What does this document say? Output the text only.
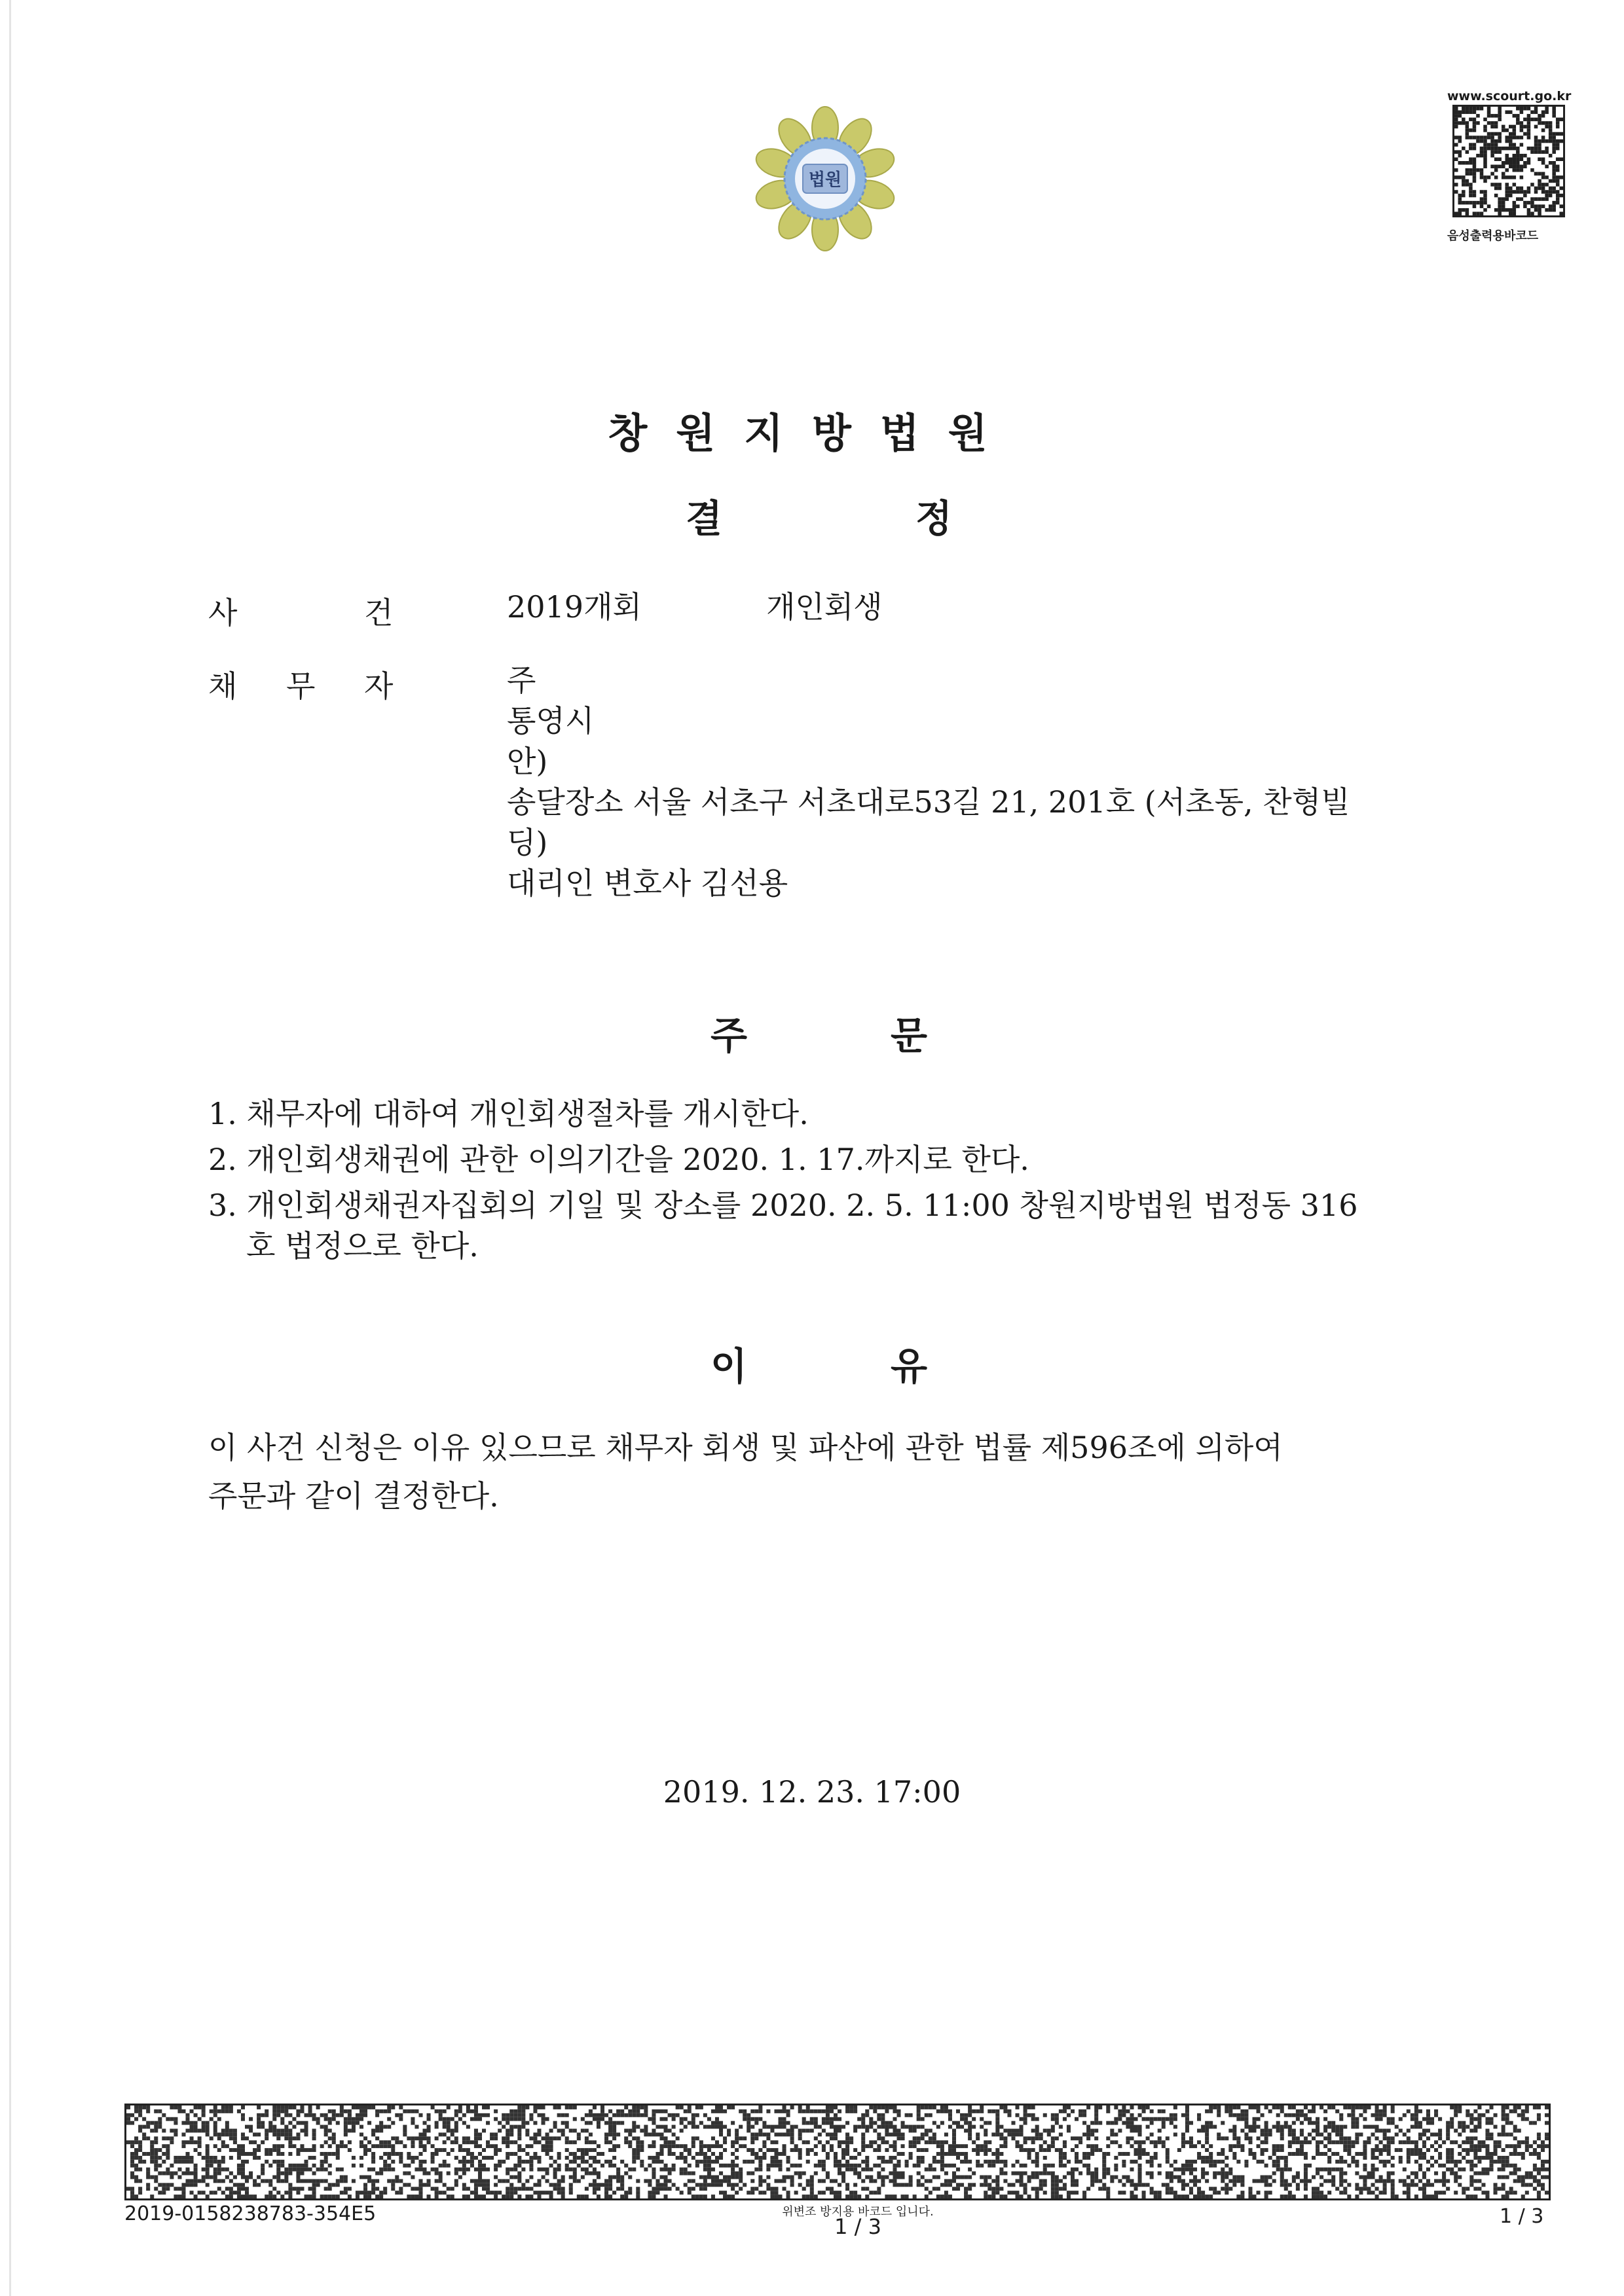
법원
www.scourt.go.kr
음성출력용바코드
창원지방법원
결	정
사	건	2019개회	개인회생
채 무 자	주
통영시
안)
송달장소 서울 서초구 서초대로53길 21, 201호 (서초동, 찬형빌
딩)
대리인 변호사 김선용
주	문
1. 채무자에 대하여 개인회생절차를 개시한다.
2. 개인회생채권에 관한 이의기간을 2020. 1. 17.까지로 한다.
3. 개인회생채권자집회의 기일 및 장소를 2020. 2. 5. 11:00 창원지방법원 법정동 316
호 법정으로 한다.
이	유
이 사건 신청은 이유 있으므로 채무자 회생 및 파산에 관한 법률 제596조에 의하여
주문과 같이 결정한다.
2019. 12. 23. 17:00
2019-0158238783-354E5	위변조 방지용 바코드 입니다.
1 / 3	1 / 3
